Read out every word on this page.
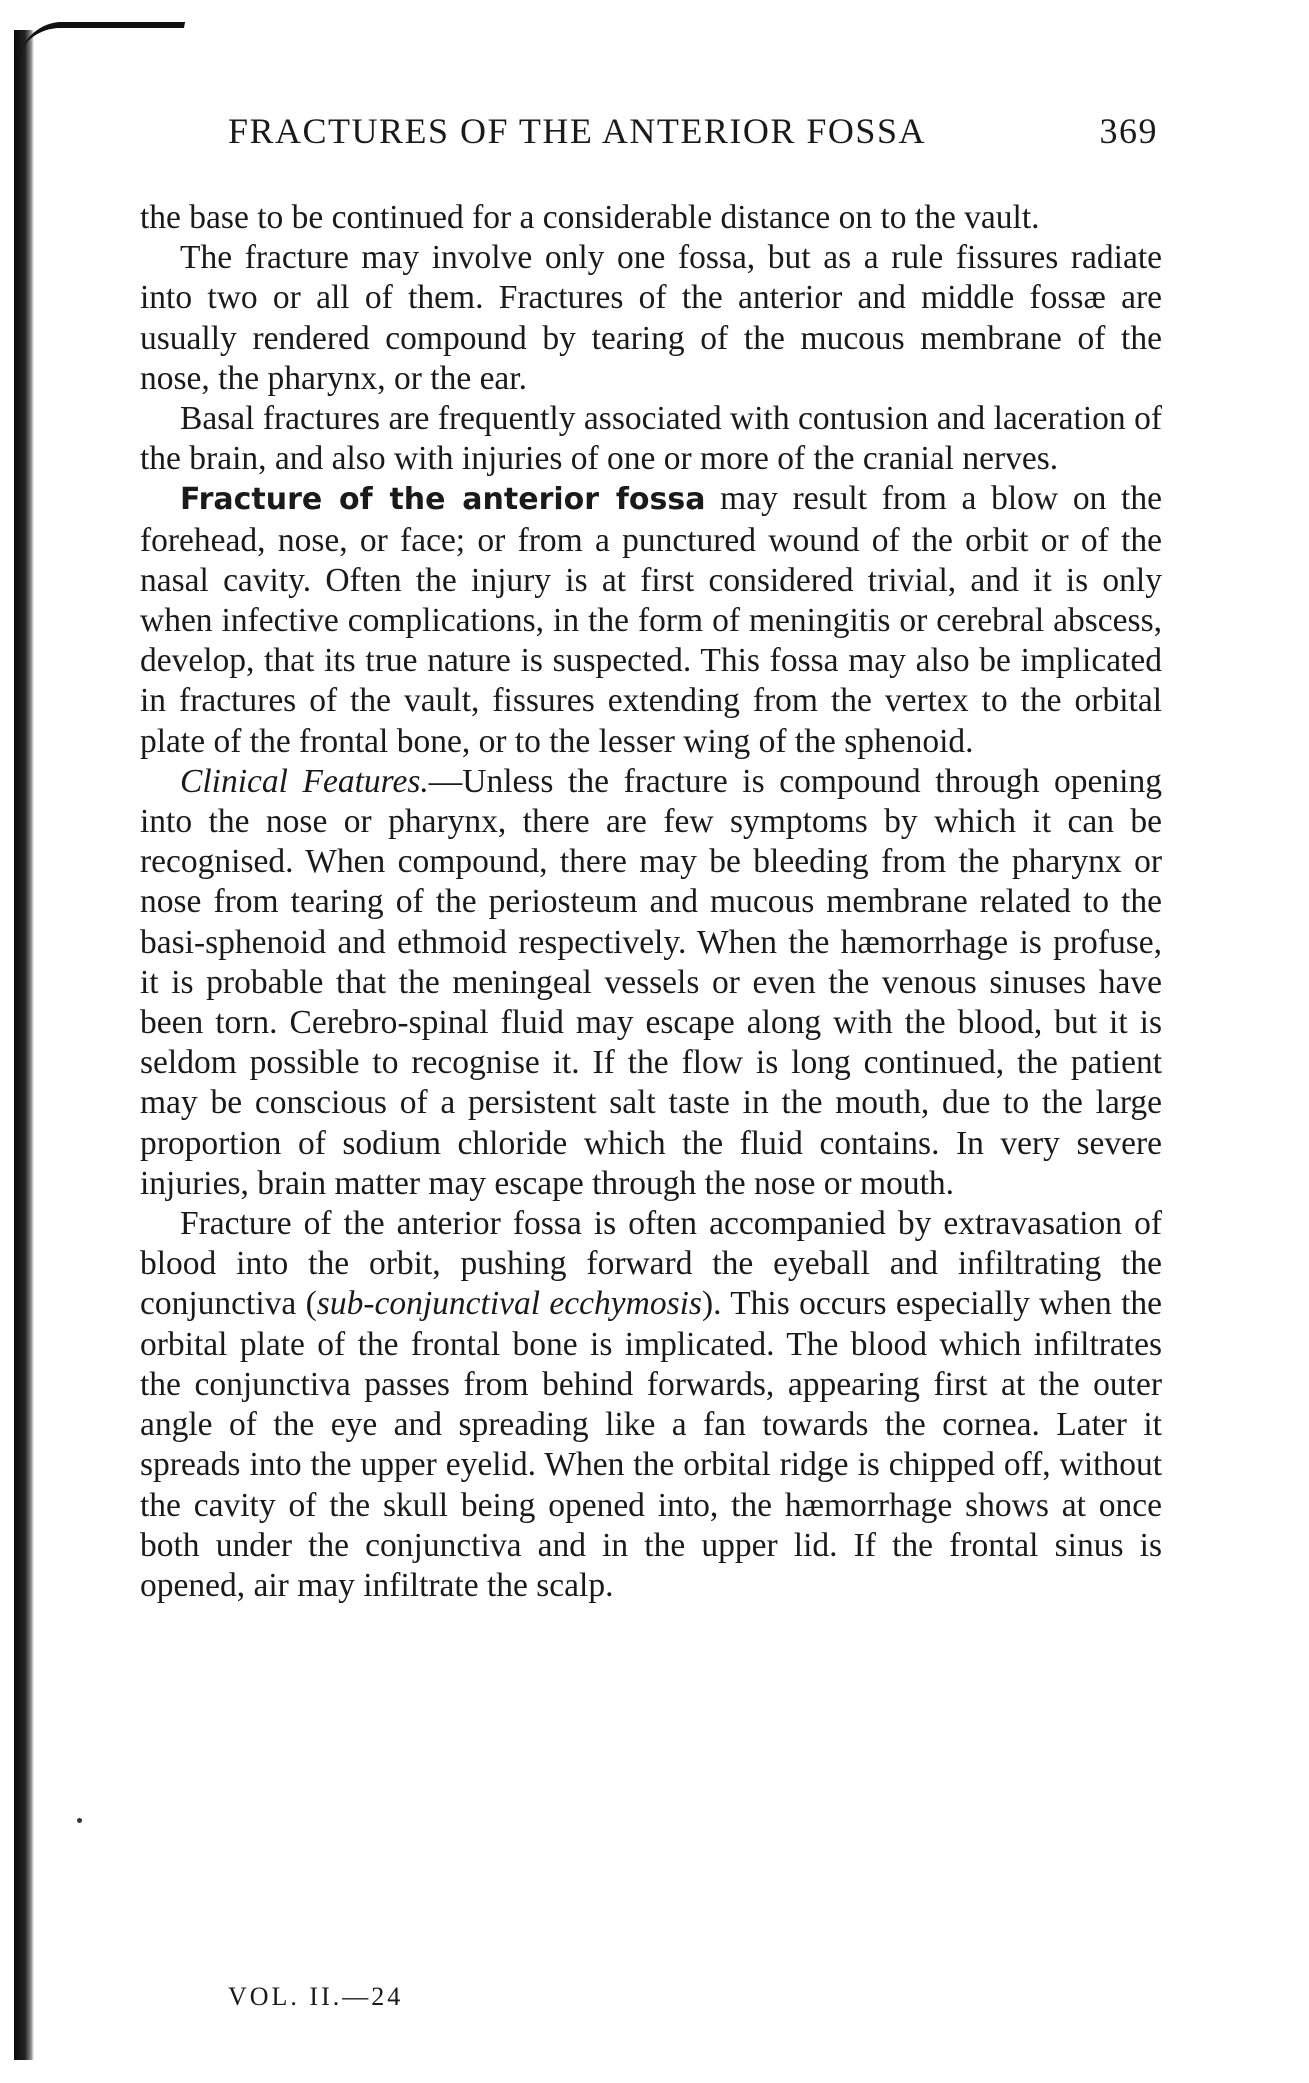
FRACTURES OF THE ANTERIOR FOSSA	369

the base to be continued for a considerable distance on to the vault.

The fracture may involve only one fossa, but as a rule fissures radiate into two or all of them. Fractures of the anterior and middle fossæ are usually rendered compound by tearing of the mucous membrane of the nose, the pharynx, or the ear.

Basal fractures are frequently associated with contusion and laceration of the brain, and also with injuries of one or more of the cranial nerves.

Fracture of the anterior fossa may result from a blow on the forehead, nose, or face; or from a punctured wound of the orbit or of the nasal cavity. Often the injury is at first considered trivial, and it is only when infective complications, in the form of meningitis or cerebral abscess, develop, that its true nature is suspected. This fossa may also be implicated in fractures of the vault, fissures extending from the vertex to the orbital plate of the frontal bone, or to the lesser wing of the sphenoid.

Clinical Features.—Unless the fracture is compound through opening into the nose or pharynx, there are few symptoms by which it can be recognised. When compound, there may be bleeding from the pharynx or nose from tearing of the periosteum and mucous membrane related to the basi-sphenoid and ethmoid respectively. When the hæmorrhage is profuse, it is probable that the meningeal vessels or even the venous sinuses have been torn. Cerebro-spinal fluid may escape along with the blood, but it is seldom possible to recognise it. If the flow is long continued, the patient may be conscious of a persistent salt taste in the mouth, due to the large proportion of sodium chloride which the fluid contains. In very severe injuries, brain matter may escape through the nose or mouth.

Fracture of the anterior fossa is often accompanied by extravasation of blood into the orbit, pushing forward the eyeball and infiltrating the conjunctiva (sub-conjunctival ecchymosis). This occurs especially when the orbital plate of the frontal bone is implicated. The blood which infiltrates the conjunctiva passes from behind forwards, appearing first at the outer angle of the eye and spreading like a fan towards the cornea. Later it spreads into the upper eyelid. When the orbital ridge is chipped off, without the cavity of the skull being opened into, the hæmorrhage shows at once both under the conjunctiva and in the upper lid. If the frontal sinus is opened, air may infiltrate the scalp.

VOL. II.—24
